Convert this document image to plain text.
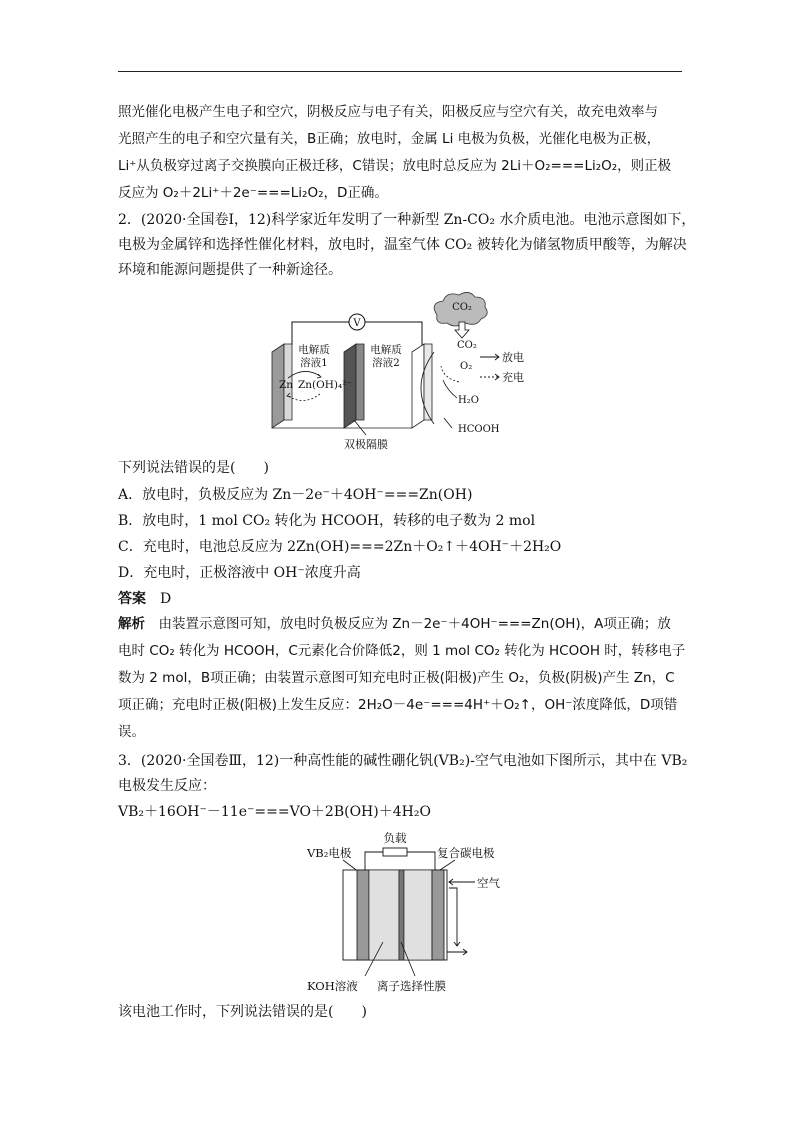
照光催化电极产生电子和空穴，阴极反应与电子有关，阳极反应与空穴有关，故充电效率与
光照产生的电子和空穴量有关，B正确；放电时，金属 Li 电极为负极，光催化电极为正极，
Li⁺从负极穿过离子交换膜向正极迁移，C错误；放电时总反应为 2Li＋O₂===Li₂O₂，则正极
反应为 O₂＋2Li⁺＋2e⁻===Li₂O₂，D正确。
2．(2020·全国卷Ⅰ，12)科学家近年发明了一种新型 Zn-CO₂ 水介质电池。电池示意图如下，
电极为金属锌和选择性催化材料，放电时，温室气体 CO₂ 被转化为储氢物质甲酸等，为解决
环境和能源问题提供了一种新途径。
V
CO₂
CO₂
电解质
溶液1
电解质
溶液2
Zn Zn(OH)₄²⁻
O₂
H₂O
HCOOH
放电
充电
双极隔膜
下列说法错误的是(　　)
A．放电时，负极反应为 Zn－2e⁻＋4OH⁻===Zn(OH)
B．放电时，1 mol CO₂ 转化为 HCOOH，转移的电子数为 2 mol
C．充电时，电池总反应为 2Zn(OH)===2Zn＋O₂↑＋4OH⁻＋2H₂O
D．充电时，正极溶液中 OH⁻浓度升高
答案　 D
解析　 由装置示意图可知，放电时负极反应为 Zn－2e⁻＋4OH⁻===Zn(OH)，A项正确；放
电时 CO₂ 转化为 HCOOH，C元素化合价降低2，则 1 mol CO₂ 转化为 HCOOH 时，转移电子
数为 2 mol，B项正确；由装置示意图可知充电时正极(阳极)产生 O₂，负极(阴极)产生 Zn，C
项正确；充电时正极(阳极)上发生反应：2H₂O－4e⁻===4H⁺＋O₂↑，OH⁻浓度降低，D项错
误。
3．(2020·全国卷Ⅲ，12)一种高性能的碱性硼化钒(VB₂)-空气电池如下图所示，其中在 VB₂
电极发生反应：
VB₂＋16OH⁻－11e⁻===VO＋2B(OH)＋4H₂O
负载
VB₂电极	复合碳电极
空气
KOH溶液 离子选择性膜
该电池工作时，下列说法错误的是(　　)
